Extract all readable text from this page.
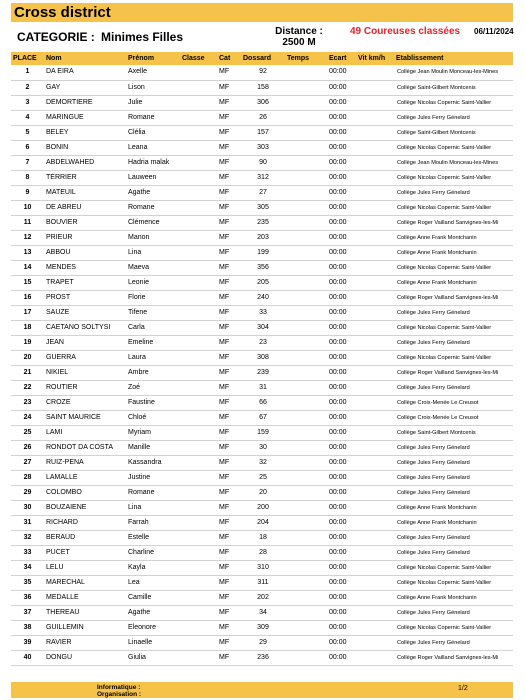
Cross district
CATEGORIE : Minimes Filles	Distance :
2500 M
49 Coureuses classées 06/11/2024
PLACE	Nom	Prénom	Classe	Cat	Dossard	Temps	Ecart	Vit km/h	Etablissement
1	DA EIRA	Axelle		MF	92		00:00		Collège Jean Moulin Monceau-les-Mines
2	GAY	Lison		MF	158		00:00		Collège Saint-Gilbert Montcenis
3	DEMORTIERE	Julie		MF	306		00:00		Collège Nicolas Copernic Saint-Vallier
4	MARINGUE	Romane		MF	26		00:00		Collège Jules Ferry Génelard
5	BELEY	Clélia		MF	157		00:00		Collège Saint-Gilbert Montcenis
6	BONIN	Leana		MF	303		00:00		Collège Nicolas Copernic Saint-Vallier
7	ABDELWAHED	Hadria malak		MF	90		00:00		Collège Jean Moulin Monceau-les-Mines
8	TERRIER	Lauween		MF	312		00:00		Collège Nicolas Copernic Saint-Vallier
9	MATEUIL	Agathe		MF	27		00:00		Collège Jules Ferry Génelard
10	DE ABREU	Romane		MF	305		00:00		Collège Nicolas Copernic Saint-Vallier
11	BOUVIER	Clémence		MF	235		00:00		Collège Roger Vailland Sanvignes-les-Mi
12	PRIEUR	Manon		MF	203		00:00		Collège Anne Frank Montchanin
13	ABBOU	Lina		MF	199		00:00		Collège Anne Frank Montchanin
14	MENDES	Maeva		MF	356		00:00		Collège Nicolas Copernic Saint-Vallier
15	TRAPET	Leonie		MF	205		00:00		Collège Anne Frank Montchanin
16	PROST	Florie		MF	240		00:00		Collège Roger Vailland Sanvignes-les-Mi
17	SAUZE	Tifene		MF	33		00:00		Collège Jules Ferry Génelard
18	CAETANO SOLTYSI	Carla		MF	304		00:00		Collège Nicolas Copernic Saint-Vallier
19	JEAN	Emeline		MF	23		00:00		Collège Jules Ferry Génelard
20	GUERRA	Laura		MF	308		00:00		Collège Nicolas Copernic Saint-Vallier
21	NIKIEL	Ambre		MF	239		00:00		Collège Roger Vailland Sanvignes-les-Mi
22	ROUTIER	Zoé		MF	31		00:00		Collège Jules Ferry Génelard
23	CROZE	Faustine		MF	66		00:00		Collège Croix-Menée Le Creusot
24	SAINT MAURICE	Chloé		MF	67		00:00		Collège Croix-Menée Le Creusot
25	LAMI	Myriam		MF	159		00:00		Collège Saint-Gilbert Montcenis
26	RONDOT DA COSTA	Manille		MF	30		00:00		Collège Jules Ferry Génelard
27	RUIZ-PENA	Kassandra		MF	32		00:00		Collège Jules Ferry Génelard
28	LAMALLE	Justine		MF	25		00:00		Collège Jules Ferry Génelard
29	COLOMBO	Romane		MF	20		00:00		Collège Jules Ferry Génelard
30	BOUZAIENE	Lina		MF	200		00:00		Collège Anne Frank Montchanin
31	RICHARD	Farrah		MF	204		00:00		Collège Anne Frank Montchanin
32	BERAUD	Estelle		MF	18		00:00		Collège Jules Ferry Génelard
33	PUCET	Charline		MF	28		00:00		Collège Jules Ferry Génelard
34	LELU	Kayla		MF	310		00:00		Collège Nicolas Copernic Saint-Vallier
35	MARECHAL	Lea		MF	311		00:00		Collège Nicolas Copernic Saint-Vallier
36	MEDALLE	Camille		MF	202		00:00		Collège Anne Frank Montchanin
37	THEREAU	Agathe		MF	34		00:00		Collège Jules Ferry Génelard
38	GUILLEMIN	Eleonore		MF	309		00:00		Collège Nicolas Copernic Saint-Vallier
39	RAVIER	Linaelle		MF	29		00:00		Collège Jules Ferry Génelard
40	DONGU	Giulia		MF	236		00:00		Collège Roger Vailland Sanvignes-les-Mi
Informatique :
Organisation :
1/2
